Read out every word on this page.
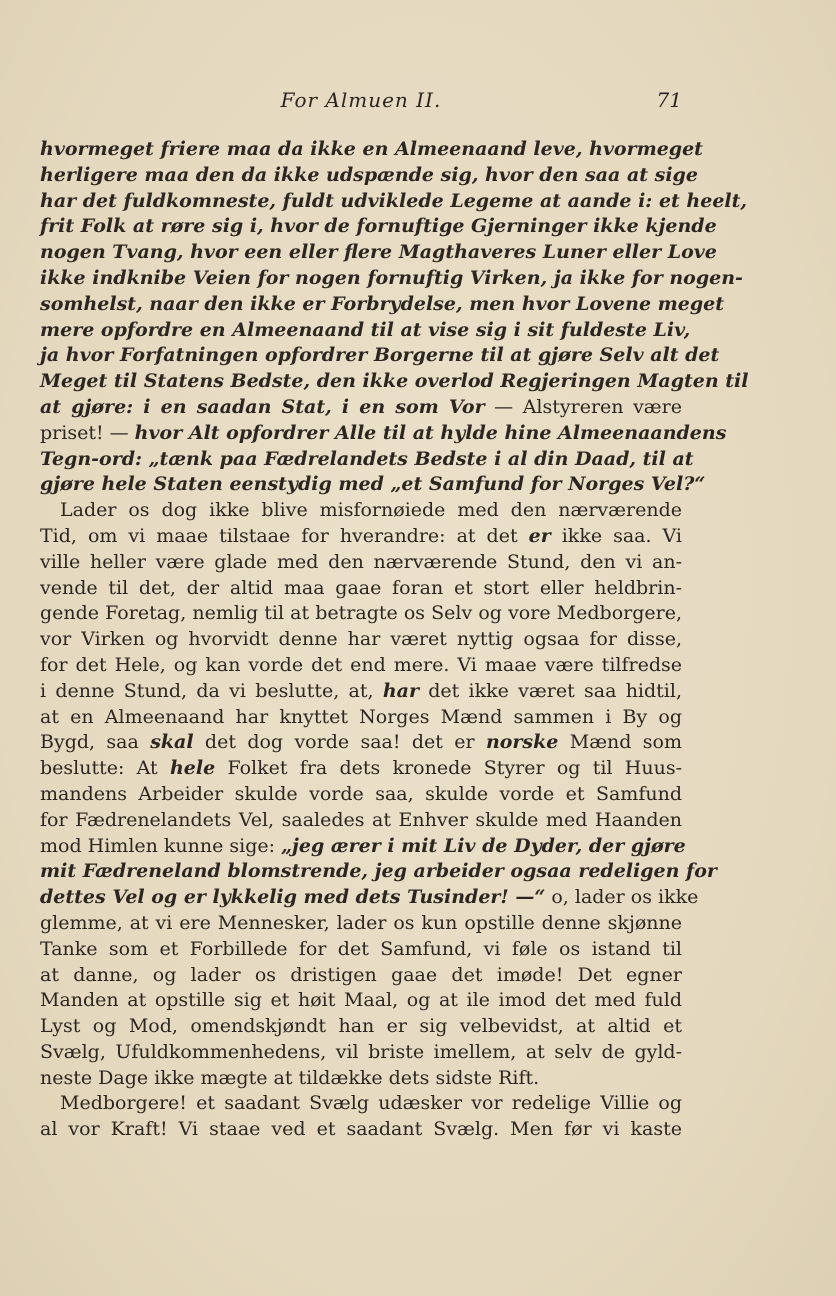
For Almuen II.	71
hvormeget friere maa da ikke en Almeenaand leve, hvormeget
herligere maa den da ikke udspænde sig, hvor den saa at sige
har det fuldkomneste, fuldt udviklede Legeme at aande i: et heelt,
frit Folk at røre sig i, hvor de fornuftige Gjerninger ikke kjende
nogen Tvang, hvor een eller flere Magthaveres Luner eller Love
ikke indknibe Veien for nogen fornuftig Virken, ja ikke for nogen-
somhelst, naar den ikke er Forbrydelse, men hvor Lovene meget
mere opfordre en Almeenaand til at vise sig i sit fuldeste Liv,
ja hvor Forfatningen opfordrer Borgerne til at gjøre Selv alt det
Meget til Statens Bedste, den ikke overlod Regjeringen Magten til
at gjøre: i en saadan Stat, i en som Vor — Alstyreren være
priset! — hvor Alt opfordrer Alle til at hylde hine Almeenaandens
Tegn-ord: „tænk paa Fædrelandets Bedste i al din Daad, til at
gjøre hele Staten eenstydig med „et Samfund for Norges Vel?“
Lader os dog ikke blive misfornøiede med den nærværende
Tid, om vi maae tilstaae for hverandre: at det er ikke saa. Vi
ville heller være glade med den nærværende Stund, den vi an-
vende til det, der altid maa gaae foran et stort eller heldbrin-
gende Foretag, nemlig til at betragte os Selv og vore Medborgere,
vor Virken og hvorvidt denne har været nyttig ogsaa for disse,
for det Hele, og kan vorde det end mere. Vi maae være tilfredse
i denne Stund, da vi beslutte, at, har det ikke været saa hidtil,
at en Almeenaand har knyttet Norges Mænd sammen i By og
Bygd, saa skal det dog vorde saa! det er norske Mænd som
beslutte: At hele Folket fra dets kronede Styrer og til Huus-
mandens Arbeider skulde vorde saa, skulde vorde et Samfund
for Fædrenelandets Vel, saaledes at Enhver skulde med Haanden
mod Himlen kunne sige: „jeg ærer i mit Liv de Dyder, der gjøre
mit Fædreneland blomstrende, jeg arbeider ogsaa redeligen for
dettes Vel og er lykkelig med dets Tusinder! —“ o, lader os ikke
glemme, at vi ere Mennesker, lader os kun opstille denne skjønne
Tanke som et Forbillede for det Samfund, vi føle os istand til
at danne, og lader os dristigen gaae det imøde! Det egner
Manden at opstille sig et høit Maal, og at ile imod det med fuld
Lyst og Mod, omendskjøndt han er sig velbevidst, at altid et
Svælg, Ufuldkommenhedens, vil briste imellem, at selv de gyld-
neste Dage ikke mægte at tildække dets sidste Rift.
Medborgere! et saadant Svælg udæsker vor redelige Villie og
al vor Kraft! Vi staae ved et saadant Svælg. Men før vi kaste
